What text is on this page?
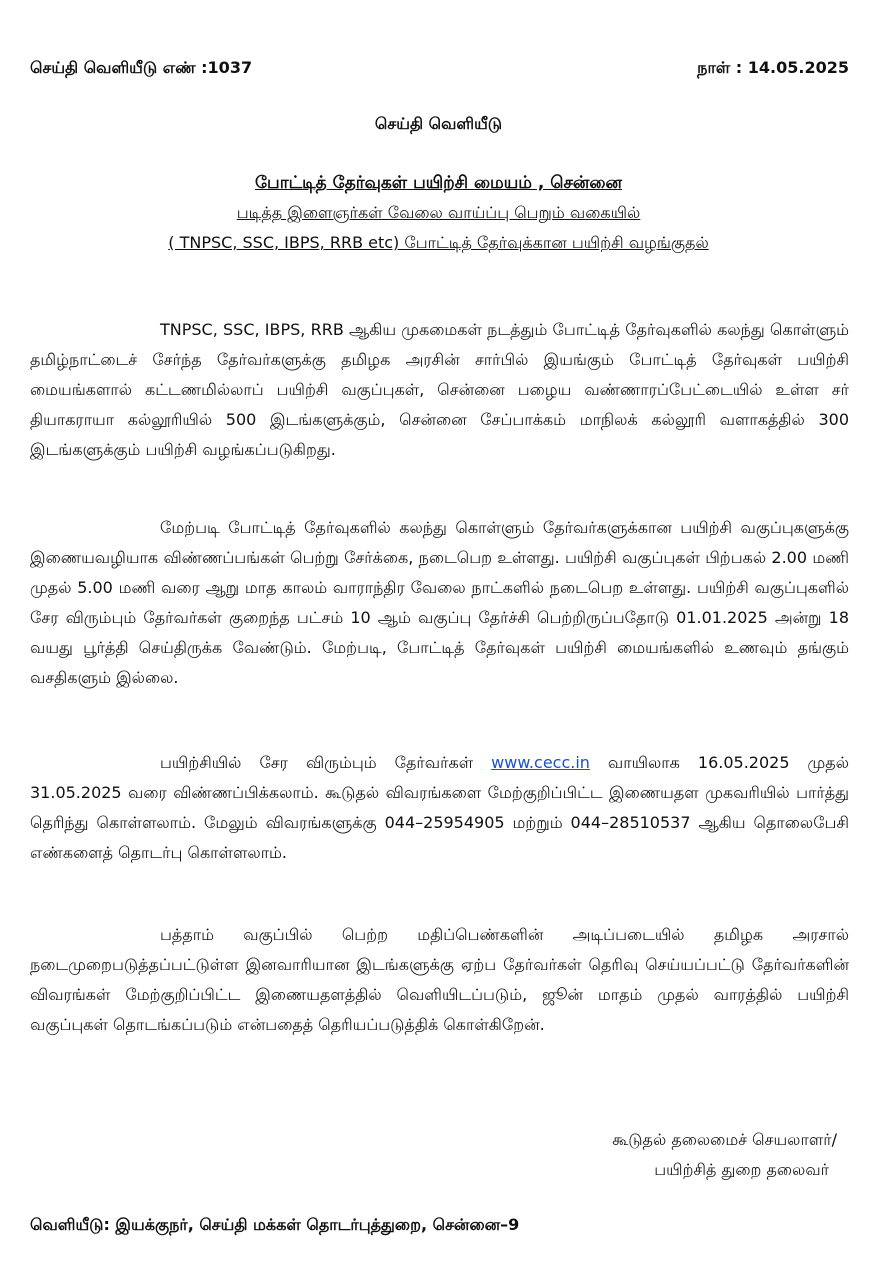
செய்தி வெளியீடு எண் :1037	நாள் : 14.05.2025
செய்தி வெளியீடு
போட்டித் தேர்வுகள் பயிற்சி மையம் , சென்னை
படித்த இளைஞர்கள் வேலை வாய்ப்பு பெறும் வகையில்
( TNPSC, SSC, IBPS, RRB etc) போட்டித் தேர்வுக்கான பயிற்சி வழங்குதல்

TNPSC, SSC, IBPS, RRB ஆகிய முகமைகள் நடத்தும் போட்டித் தேர்வுகளில் கலந்து கொள்ளும் தமிழ்நாட்டைச் சேர்ந்த தேர்வர்களுக்கு தமிழக அரசின் சார்பில் இயங்கும் போட்டித் தேர்வுகள் பயிற்சி மையங்களால் கட்டணமில்லாப் பயிற்சி வகுப்புகள், சென்னை பழைய வண்ணாரப்பேட்டையில் உள்ள சர் தியாகராயா கல்லூரியில் 500 இடங்களுக்கும், சென்னை சேப்பாக்கம் மாநிலக் கல்லூரி வளாகத்தில் 300 இடங்களுக்கும் பயிற்சி வழங்கப்படுகிறது.

மேற்படி போட்டித் தேர்வுகளில் கலந்து கொள்ளும் தேர்வர்களுக்கான பயிற்சி வகுப்புகளுக்கு இணையவழியாக விண்ணப்பங்கள் பெற்று சேர்க்கை, நடைபெற உள்ளது. பயிற்சி வகுப்புகள் பிற்பகல் 2.00 மணி முதல் 5.00 மணி வரை ஆறு மாத காலம் வாராந்திர வேலை நாட்களில் நடைபெற உள்ளது. பயிற்சி வகுப்புகளில் சேர விரும்பும் தேர்வர்கள் குறைந்த பட்சம் 10 ஆம் வகுப்பு தேர்ச்சி பெற்றிருப்பதோடு 01.01.2025 அன்று 18 வயது பூர்த்தி செய்திருக்க வேண்டும். மேற்படி, போட்டித் தேர்வுகள் பயிற்சி மையங்களில் உணவும் தங்கும் வசதிகளும் இல்லை.

பயிற்சியில் சேர விரும்பும் தேர்வர்கள் www.cecc.in வாயிலாக 16.05.2025 முதல் 31.05.2025 வரை விண்ணப்பிக்கலாம். கூடுதல் விவரங்களை மேற்குறிப்பிட்ட இணையதள முகவரியில் பார்த்து தெரிந்து கொள்ளலாம். மேலும் விவரங்களுக்கு 044–25954905 மற்றும் 044–28510537 ஆகிய தொலைபேசி எண்களைத் தொடர்பு கொள்ளலாம்.

பத்தாம் வகுப்பில் பெற்ற மதிப்பெண்களின் அடிப்படையில் தமிழக அரசால் நடைமுறைபடுத்தப்பட்டுள்ள இனவாரியான இடங்களுக்கு ஏற்ப தேர்வர்கள் தெரிவு செய்யப்பட்டு தேர்வர்களின் விவரங்கள் மேற்குறிப்பிட்ட இணையதளத்தில் வெளியிடப்படும், ஜூன் மாதம் முதல் வாரத்தில் பயிற்சி வகுப்புகள் தொடங்கப்படும் என்பதைத் தெரியப்படுத்திக் கொள்கிறேன்.

கூடுதல் தலைமைச் செயலாளர்/
பயிற்சித் துறை தலைவர்
வெளியீடு: இயக்குநர், செய்தி மக்கள் தொடர்புத்துறை, சென்னை–9
